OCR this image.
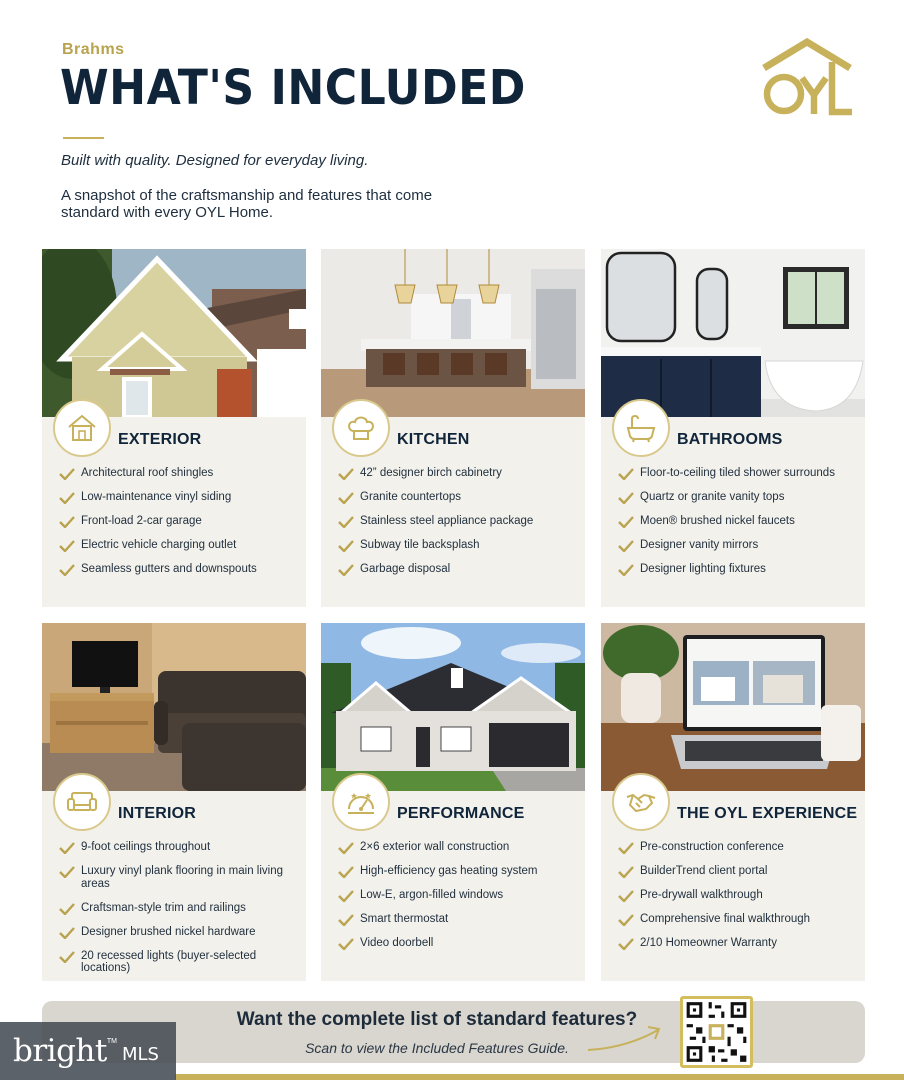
Brahms
WHAT'S INCLUDED
Built with quality. Designed for everyday living.
A snapshot of the craftsmanship and features that come standard with every OYL Home.
EXTERIOR
Architectural roof shingles
Low-maintenance vinyl siding
Front-load 2-car garage
Electric vehicle charging outlet
Seamless gutters and downspouts
KITCHEN
42” designer birch cabinetry
Granite countertops
Stainless steel appliance package
Subway tile backsplash
Garbage disposal
BATHROOMS
Floor-to-ceiling tiled shower surrounds
Quartz or granite vanity tops
Moen® brushed nickel faucets
Designer vanity mirrors
Designer lighting fixtures
INTERIOR
9-foot ceilings throughout
Luxury vinyl plank flooring in main living areas
Craftsman-style trim and railings
Designer brushed nickel hardware
20 recessed lights (buyer-selected locations)
PERFORMANCE
2×6 exterior wall construction
High-efficiency gas heating system
Low-E, argon-filled windows
Smart thermostat
Video doorbell
THE OYL EXPERIENCE
Pre-construction conference
BuilderTrend client portal
Pre-drywall walkthrough
Comprehensive final walkthrough
2/10 Homeowner Warranty
Want the complete list of standard features?
Scan to view the Included Features Guide.
bright TM
MLS
